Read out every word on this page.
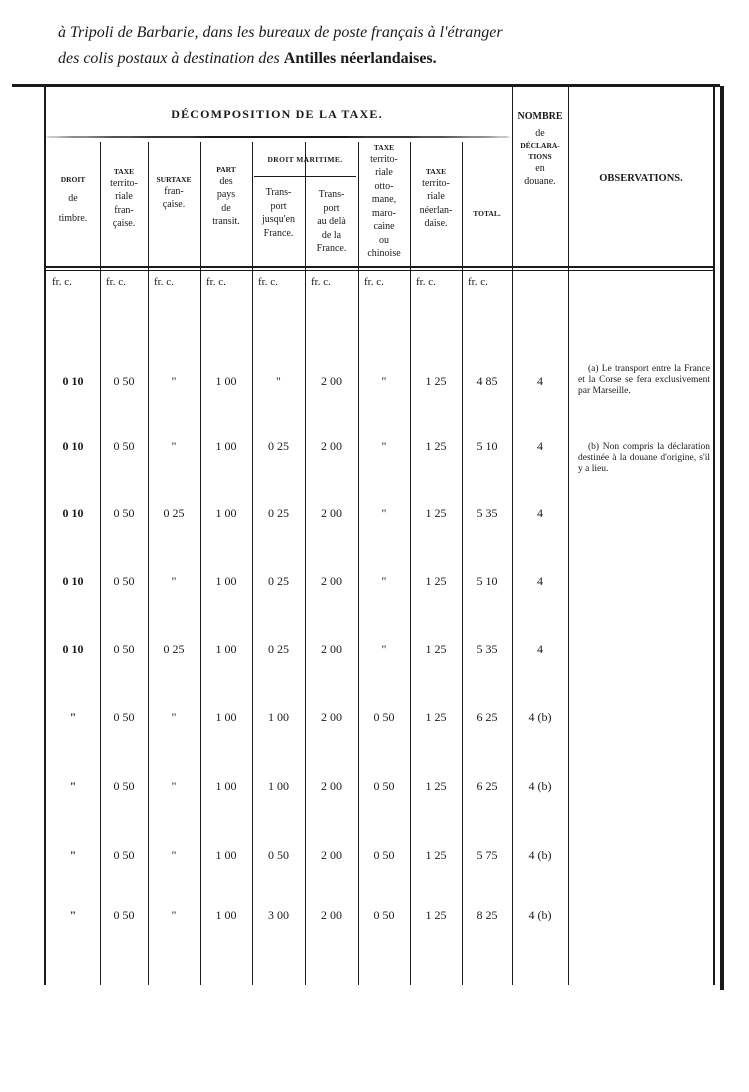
à Tripoli de Barbarie, dans les bureaux de poste français à l'étranger
des colis postaux à destination des Antilles néerlandaises.
DÉCOMPOSITION DE LA TAXE.
DROIT MARITIME.
DROIT
de
timbre.
TAXE
territo-
riale
fran-
çaise.
SURTAXE
fran-
çaise.
PART
des
pays
de
transit.
Trans-
port
jusqu'en
France.
Trans-
port
au delà
de la
France.
TAXE
territo-
riale
otto-
mane,
maro-
caine
ou
chinoise
TAXE
territo-
riale
néerlan-
daise.
TOTAL.
NOMBRE
de
DÉCLARA-
TIONS
en
douane.	OBSERVATIONS.
fr. c.	fr. c.	fr. c.	fr. c.	fr. c.	fr. c.	fr. c.	fr. c.	fr. c.
0 10	0 50	"	1 00	"	2 00	"	1 25	4 85	4
0 10	0 50	"	1 00	0 25	2 00	"	1 25	5 10	4
0 10	0 50	0 25	1 00	0 25	2 00	"	1 25	5 35	4
0 10	0 50	"	1 00	0 25	2 00	"	1 25	5 10	4
0 10	0 50	0 25	1 00	0 25	2 00	"	1 25	5 35	4
"	0 50	"	1 00	1 00	2 00	0 50	1 25	6 25	4 (b)
"	0 50	"	1 00	1 00	2 00	0 50	1 25	6 25	4 (b)
"	0 50	"	1 00	0 50	2 00	0 50	1 25	5 75	4 (b)
"	0 50	"	1 00	3 00	2 00	0 50	1 25	8 25	4 (b)
(a) Le transport entre la France et la Corse se fera exclusivement par Marseille.
(b) Non compris la déclaration destinée à la douane d'origine, s'il y a lieu.
